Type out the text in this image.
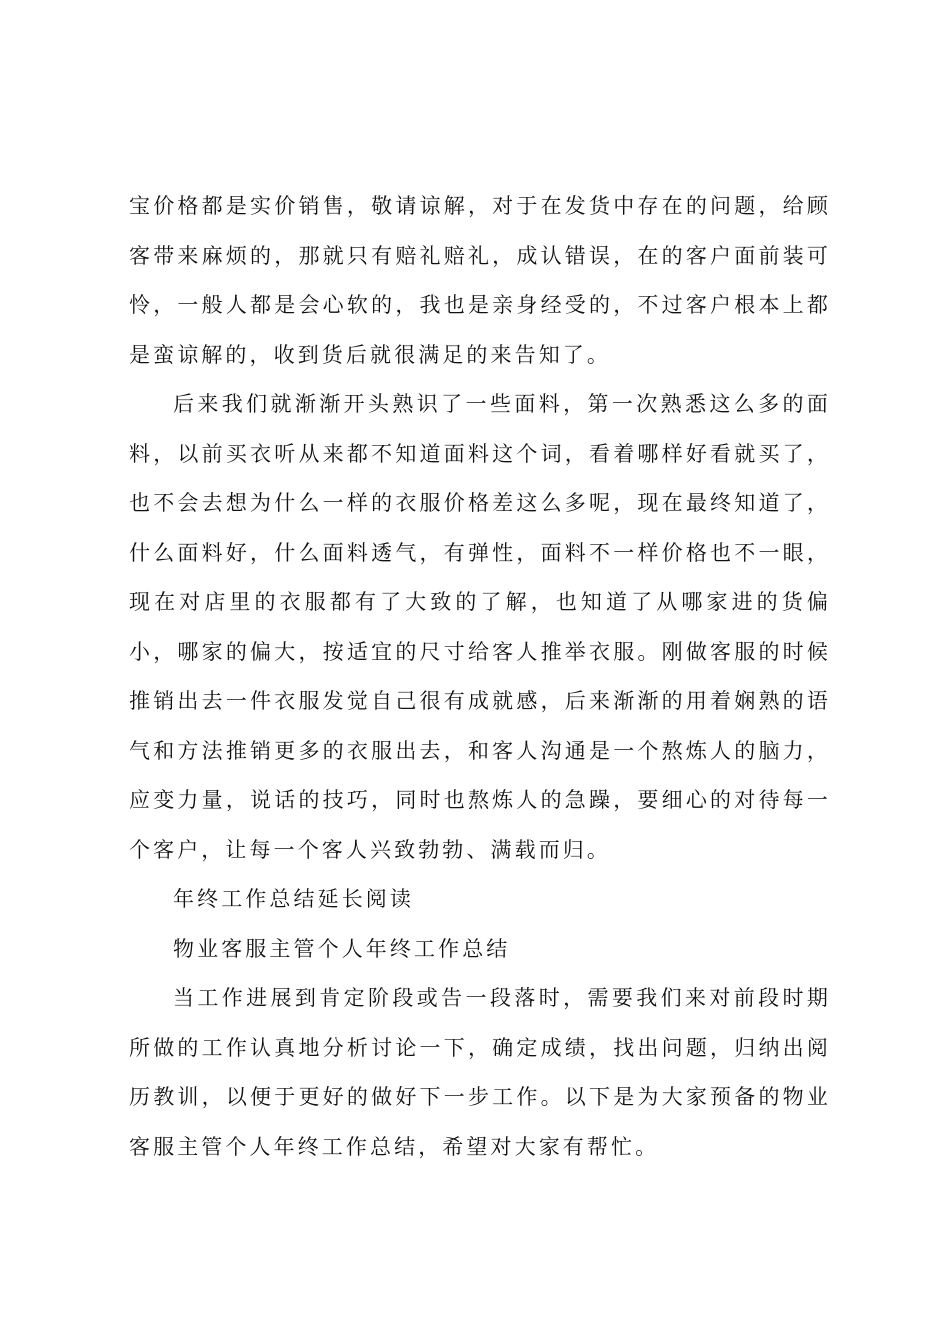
宝价格都是实价销售，敬请谅解，对于在发货中存在的问题，给顾客带来麻烦的，那就只有赔礼赔礼，成认错误，在的客户面前装可怜，一般人都是会心软的，我也是亲身经受的，不过客户根本上都是蛮谅解的，收到货后就很满足的来告知了。

后来我们就渐渐开头熟识了一些面料，第一次熟悉这么多的面料，以前买衣听从来都不知道面料这个词，看着哪样好看就买了，也不会去想为什么一样的衣服价格差这么多呢，现在最终知道了，什么面料好，什么面料透气，有弹性，面料不一样价格也不一眼，现在对店里的衣服都有了大致的了解，也知道了从哪家进的货偏小，哪家的偏大，按适宜的尺寸给客人推举衣服。刚做客服的时候推销出去一件衣服发觉自己很有成就感，后来渐渐的用着娴熟的语气和方法推销更多的衣服出去，和客人沟通是一个熬炼人的脑力，应变力量，说话的技巧，同时也熬炼人的急躁，要细心的对待每一个客户，让每一个客人兴致勃勃、满载而归。

年终工作总结延长阅读

物业客服主管个人年终工作总结

当工作进展到肯定阶段或告一段落时，需要我们来对前段时期所做的工作认真地分析讨论一下，确定成绩，找出问题，归纳出阅历教训，以便于更好的做好下一步工作。以下是为大家预备的物业客服主管个人年终工作总结，希望对大家有帮忙。
